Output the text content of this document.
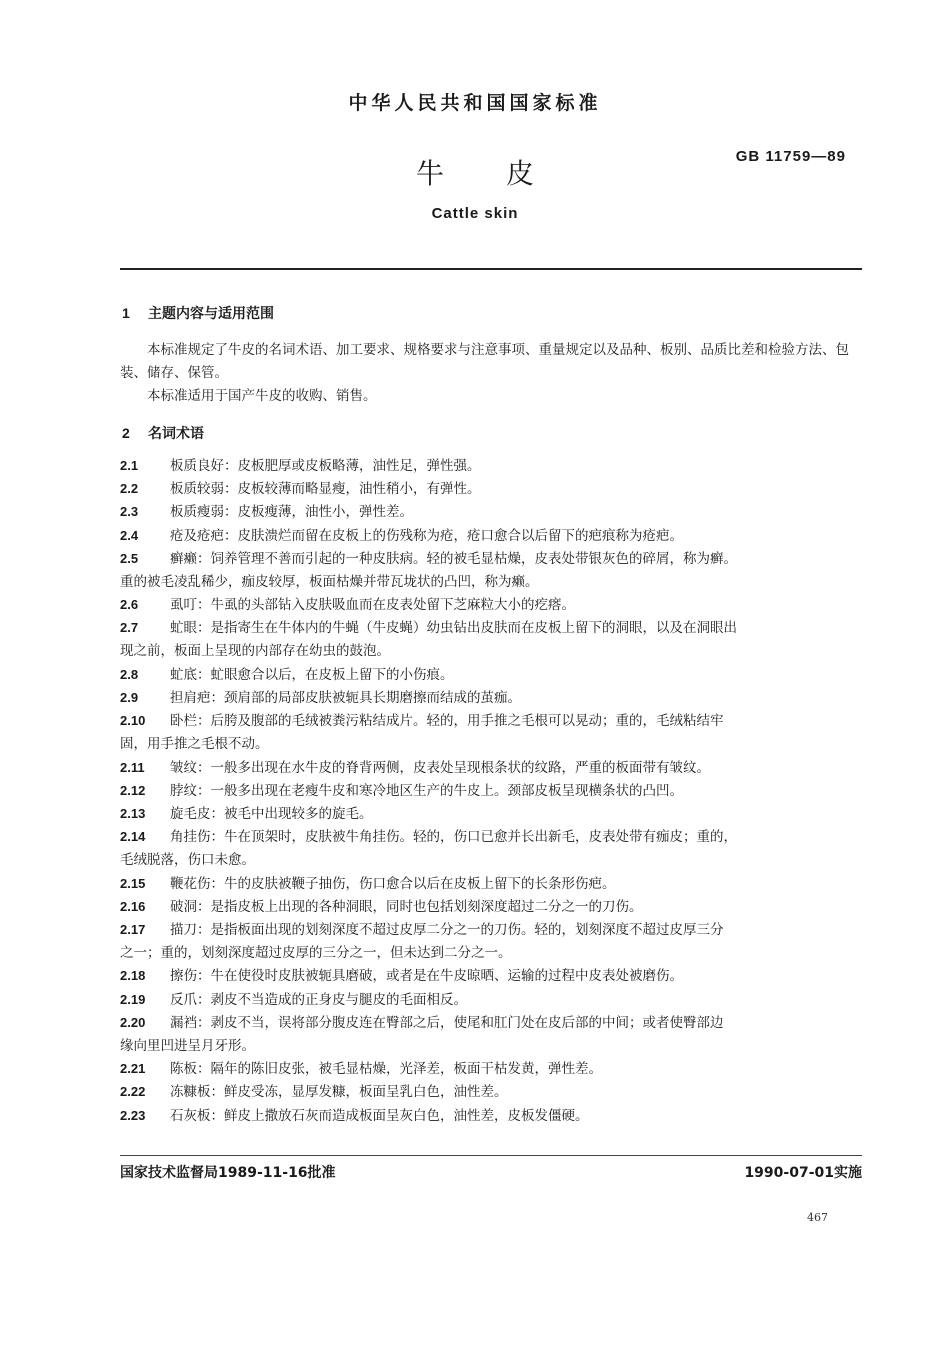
中华人民共和国国家标准
牛皮
GB 11759—89
Cattle skin
1 主题内容与适用范围
本标准规定了牛皮的名词术语、加工要求、规格要求与注意事项、重量规定以及品种、板别、品质比差和检验方法、包装、储存、保管。
本标准适用于国产牛皮的收购、销售。
2 名词术语
2.1 板质良好：皮板肥厚或皮板略薄，油性足，弹性强。
2.2 板质较弱：皮板较薄而略显瘦，油性稍小，有弹性。
2.3 板质瘦弱：皮板瘦薄，油性小，弹性差。
2.4 疮及疮疤：皮肤溃烂而留在皮板上的伤残称为疮，疮口愈合以后留下的疤痕称为疮疤。
2.5 癣癞：饲养管理不善而引起的一种皮肤病。轻的被毛显枯燥，皮表处带银灰色的碎屑，称为癣。
重的被毛凌乱稀少，痂皮较厚，板面枯燥并带瓦垅状的凸凹，称为癞。
2.6 虱叮：牛虱的头部钻入皮肤吸血而在皮表处留下芝麻粒大小的疙瘩。
2.7 虻眼：是指寄生在牛体内的牛蝇（牛皮蝇）幼虫钻出皮肤而在皮板上留下的洞眼，以及在洞眼出
现之前，板面上呈现的内部存在幼虫的鼓泡。
2.8 虻底：虻眼愈合以后，在皮板上留下的小伤痕。
2.9 担肩疤：颈肩部的局部皮肤被轭具长期磨擦而结成的茧痂。
2.10 卧栏：后胯及腹部的毛绒被粪污粘结成片。轻的，用手推之毛根可以晃动；重的，毛绒粘结牢
固，用手推之毛根不动。
2.11 皱纹：一般多出现在水牛皮的脊背两侧，皮表处呈现根条状的纹路，严重的板面带有皱纹。
2.12 脖纹：一般多出现在老瘦牛皮和寒冷地区生产的牛皮上。颈部皮板呈现横条状的凸凹。
2.13 旋毛皮：被毛中出现较多的旋毛。
2.14 角挂伤：牛在顶架时，皮肤被牛角挂伤。轻的，伤口已愈并长出新毛，皮表处带有痂皮；重的，
毛绒脱落，伤口未愈。
2.15 鞭花伤：牛的皮肤被鞭子抽伤，伤口愈合以后在皮板上留下的长条形伤疤。
2.16 破洞：是指皮板上出现的各种洞眼，同时也包括划刻深度超过二分之一的刀伤。
2.17 描刀：是指板面出现的划刻深度不超过皮厚二分之一的刀伤。轻的，划刻深度不超过皮厚三分
之一；重的，划刻深度超过皮厚的三分之一，但未达到二分之一。
2.18 擦伤：牛在使役时皮肤被轭具磨破，或者是在牛皮晾晒、运输的过程中皮表处被磨伤。
2.19 反爪：剥皮不当造成的正身皮与腿皮的毛面相反。
2.20 漏裆：剥皮不当，误将部分腹皮连在臀部之后，使尾和肛门处在皮后部的中间；或者使臀部边
缘向里凹进呈月牙形。
2.21 陈板：隔年的陈旧皮张，被毛显枯燥，光泽差，板面干枯发黄，弹性差。
2.22 冻糠板：鲜皮受冻，显厚发糠，板面呈乳白色，油性差。
2.23 石灰板：鲜皮上撒放石灰而造成板面呈灰白色，油性差，皮板发僵硬。
国家技术监督局1989-11-16批准	1990-07-01实施
467
